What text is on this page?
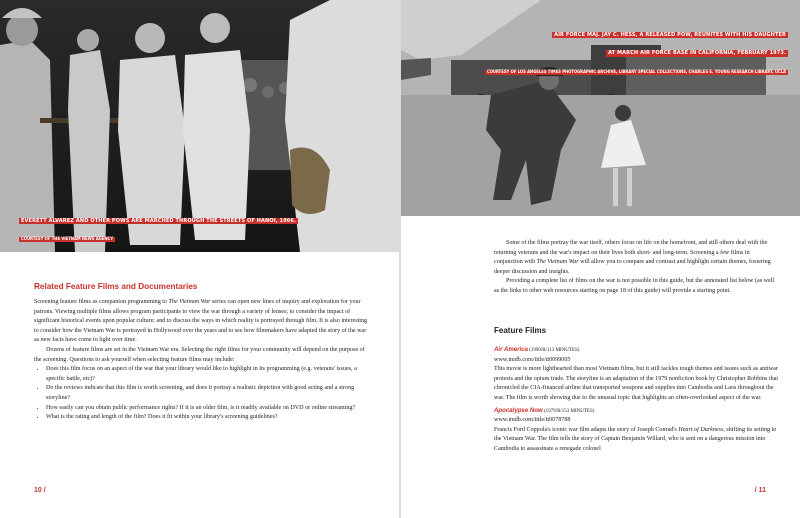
EVERETT ALVAREZ AND OTHER POWS ARE MARCHED THROUGH THE STREETS OF HANOI, 1966.
COURTESY OF THE VIETNAM NEWS AGENCY
Related Feature Films and Documentaries

Screening feature films as companion programming to The Vietnam War series can open new lines of inquiry and exploration for your patrons. Viewing multiple films allows program participants to view the war through a variety of lenses; to consider the impact of significant historical events upon popular culture; and to discuss the ways in which reality is portrayed through film. It is also interesting to consider how the Vietnam War is portrayed in Hollywood over the years and to see how filmmakers have adapted the story of the war as new facts have come to light over time.

Dozens of feature films are set in the Vietnam War era. Selecting the right films for your community will depend on the purpose of the screening. Questions to ask yourself when selecting feature films may include:

• Does this film focus on an aspect of the war that your library would like to highlight in its programming (e.g. veterans' issues, a specific battle, etc)?
• Do the reviews indicate that this film is worth screening, and does it portray a realistic depiction with good acting and a strong storyline?
• How easily can you obtain public performance rights? If it is an older film, is it readily available on DVD or online streaming?
• What is the rating and length of the film? Does it fit within your library's screening guidelines?
10 /
AIR FORCE MAJ. JAY C. HESS, A RELEASED POW, REUNITES WITH HIS DAUGHTER
AT MARCH AIR FORCE BASE IN CALIFORNIA, FEBRUARY 1973.
COURTESY OF LOS ANGELES TIMES PHOTOGRAPHIC ARCHIVE, LIBRARY SPECIAL COLLECTIONS, CHARLES E. YOUNG RESEARCH LIBRARY, UCLA

Some of the films portray the war itself, others focus on life on the homefront, and still others deal with the returning veterans and the war's impact on their lives both short- and long-term. Screening a few films in conjunction with The Vietnam War will allow you to compare and contrast and highlight certain themes, fostering deeper discussion and insights.

Providing a complete list of films on the war is not possible in this guide, but the annotated list below (as well as the links to other web resources starting on page 18 of this guide) will provide a starting point.

Feature Films
Air America (1990/R/113 MINUTES)
www.imdb.com/title/tt0099005
This movie is more lighthearted than most Vietnam films, but it still tackles tough themes and issues such as antiwar protests and the opium trade. The storyline is an adaptation of the 1979 nonfiction book by Christopher Robbins that chronicled the CIA-financed airline that transported weapons and supplies into Cambodia and Laos throughout the war. The film is worth showing due to the unusual topic that highlights an often-overlooked aspect of the war.
Apocalypse Now (1979/R/153 MINUTES)
www.imdb.com/title/tt0078788
Francis Ford Coppola's iconic war film adapts the story of Joseph Conrad's Heart of Darkness, shifting its setting to the Vietnam War. The film tells the story of Captain Benjamin Willard, who is sent on a dangerous mission into Cambodia to assassinate a renegade colonel
/ 11
